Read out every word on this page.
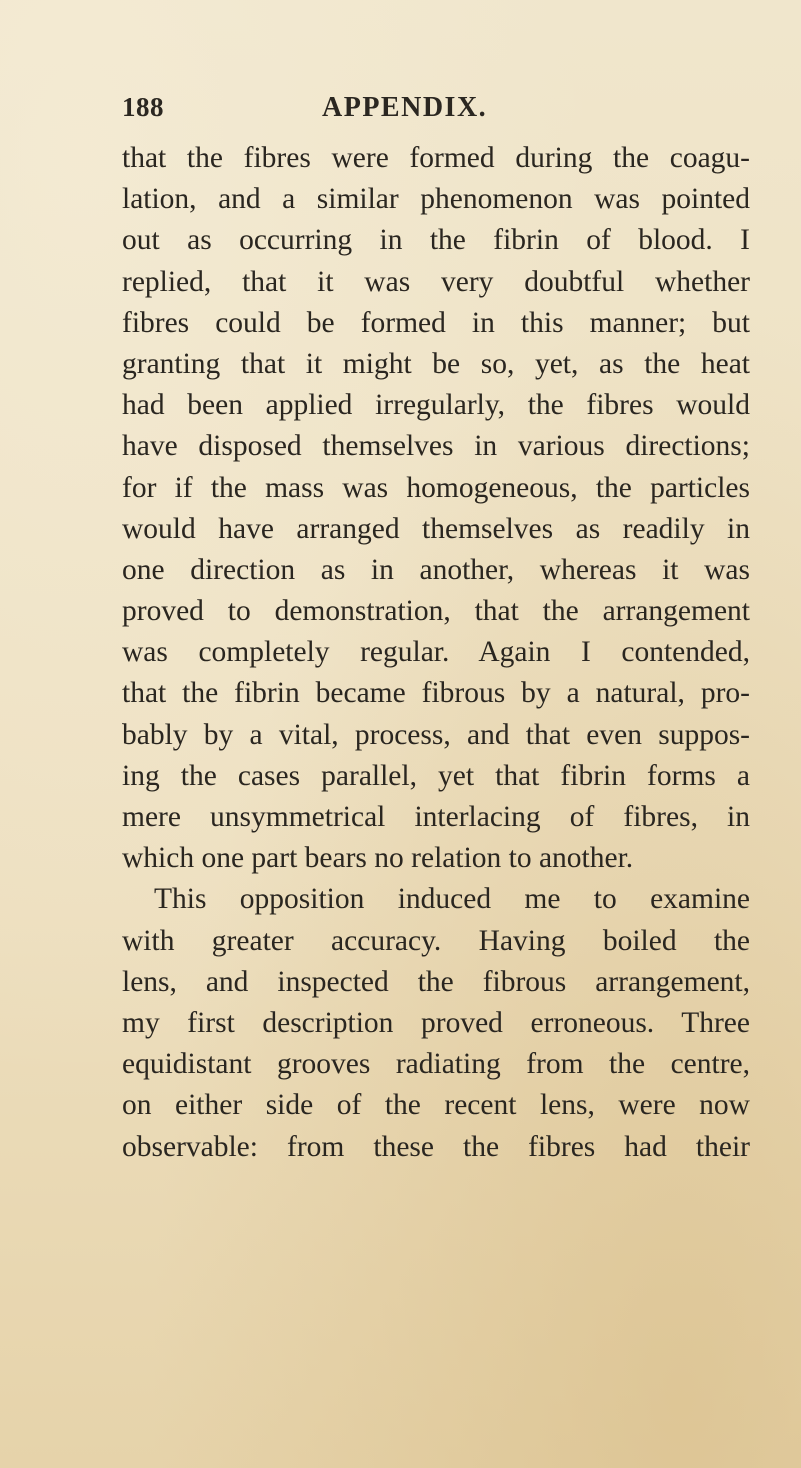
188	APPENDIX.
that the fibres were formed during the coagu-
lation, and a similar phenomenon was pointed
out as occurring in the fibrin of blood. I
replied, that it was very doubtful whether
fibres could be formed in this manner; but
granting that it might be so, yet, as the heat
had been applied irregularly, the fibres would
have disposed themselves in various directions;
for if the mass was homogeneous, the particles
would have arranged themselves as readily in
one direction as in another, whereas it was
proved to demonstration, that the arrangement
was completely regular. Again I contended,
that the fibrin became fibrous by a natural, pro-
bably by a vital, process, and that even suppos-
ing the cases parallel, yet that fibrin forms a
mere unsymmetrical interlacing of fibres, in
which one part bears no relation to another.
This opposition induced me to examine
with greater accuracy. Having boiled the
lens, and inspected the fibrous arrangement,
my first description proved erroneous. Three
equidistant grooves radiating from the centre,
on either side of the recent lens, were now
observable: from these the fibres had their
